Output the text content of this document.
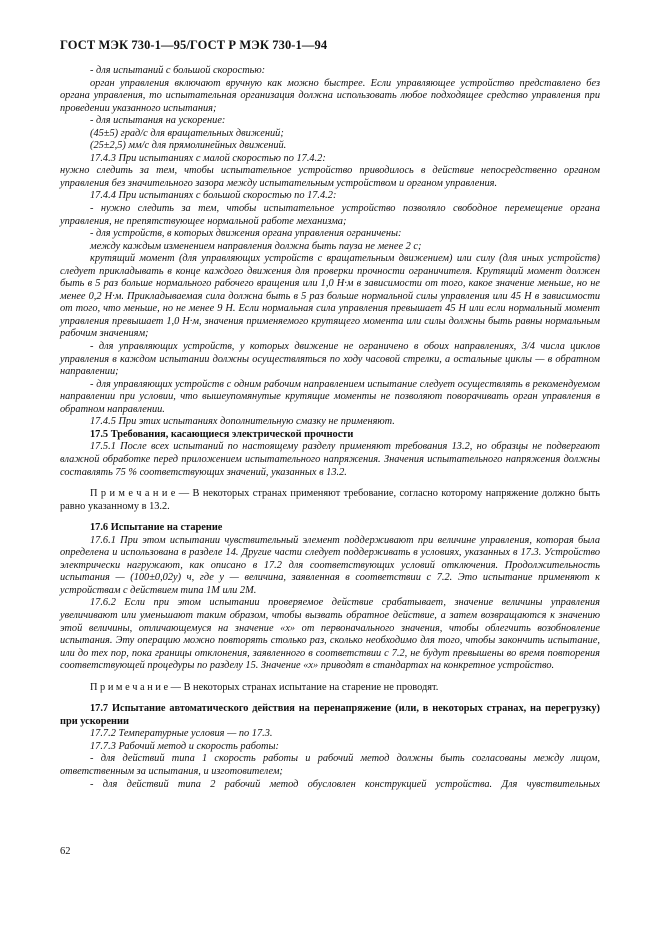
ГОСТ МЭК 730-1—95/ГОСТ Р МЭК 730-1—94

- для испытаний с большой скоростью:

орган управления включают вручную как можно быстрее. Если управляющее устройство представлено без органа управления, то испытательная организация должна использовать любое подходящее средство управления при проведении указанного испытания;

- для испытания на ускорение:

(45±5) град/с для вращательных движений;

(25±2,5) мм/с для прямолинейных движений.

17.4.3 При испытаниях с малой скоростью по 17.4.2:

нужно следить за тем, чтобы испытательное устройство приводилось в действие непосредственно органом управления без значительного зазора между испытательным устройством и органом управления.

17.4.4 При испытаниях с большой скоростью по 17.4.2:

- нужно следить за тем, чтобы испытательное устройство позволяло свободное перемещение органа управления, не препятствующее нормальной работе механизма;

- для устройств, в которых движения органа управления ограничены:

между каждым изменением направления должна быть пауза не менее 2 с;

крутящий момент (для управляющих устройств с вращательным движением) или силу (для иных устройств) следует прикладывать в конце каждого движения для проверки прочности ограничителя. Крутящий момент должен быть в 5 раз больше нормального рабочего вращения или 1,0 Н·м в зависимости от того, какое значение меньше, но не менее 0,2 Н·м. Прикладываемая сила должна быть в 5 раз больше нормальной силы управления или 45 Н в зависимости от того, что меньше, но не менее 9 Н. Если нормальная сила управления превышает 45 Н или если нормальный момент управления превышает 1,0 Н·м, значения применяемого крутящего момента или силы должны быть равны нормальным рабочим значениям;

- для управляющих устройств, у которых движение не ограничено в обоих направлениях, 3/4 числа циклов управления в каждом испытании должны осуществляться по ходу часовой стрелки, а остальные циклы — в обратном направлении;

- для управляющих устройств с одним рабочим направлением испытание следует осуществлять в рекомендуемом направлении при условии, что вышеупомянутые крутящие моменты не позволяют поворачивать орган управления в обратном направлении.

17.4.5 При этих испытаниях дополнительную смазку не применяют.

17.5 Требования, касающиеся электрической прочности

17.5.1 После всех испытаний по настоящему разделу применяют требования 13.2, но образцы не подвергают влажной обработке перед приложением испытательного напряжения. Значения испытательного напряжения должны составлять 75 % соответствующих значений, указанных в 13.2.

П р и м е ч а н и е — В некоторых странах применяют требование, согласно которому напряжение должно быть равно указанному в 13.2.

17.6 Испытание на старение

17.6.1 При этом испытании чувствительный элемент поддерживают при величине управления, которая была определена и использована в разделе 14. Другие части следует поддерживать в условиях, указанных в 17.3. Устройство электрически нагружают, как описано в 17.2 для соответствующих условий отключения. Продолжительность испытания — (100±0,02y) ч, где y — величина, заявленная в соответствии с 7.2. Это испытание применяют к устройствам с действием типа 1M или 2M.

17.6.2 Если при этом испытании проверяемое действие срабатывает, значение величины управления увеличивают или уменьшают таким образом, чтобы вызвать обратное действие, а затем возвращаются к значению этой величины, отличающемуся на значение «x» от первоначального значения, чтобы облегчить возобновление испытания. Эту операцию можно повторять столько раз, сколько необходимо для того, чтобы закончить испытание, или до тех пор, пока границы отклонения, заявленного в соответствии с 7.2, не будут превышены во время повторения соответствующей процедуры по разделу 15. Значение «x» приводят в стандартах на конкретное устройство.

П р и м е ч а н и е — В некоторых странах испытание на старение не проводят.

17.7 Испытание автоматического действия на перенапряжение (или, в некоторых странах, на перегрузку) при ускорении

17.7.2 Температурные условия — по 17.3.

17.7.3 Рабочий метод и скорость работы:

- для действий типа 1 скорость работы и рабочий метод должны быть согласованы между лицом, ответственным за испытания, и изготовителем;

- для действий типа 2 рабочий метод обусловлен конструкцией устройства. Для чувствительных

62
